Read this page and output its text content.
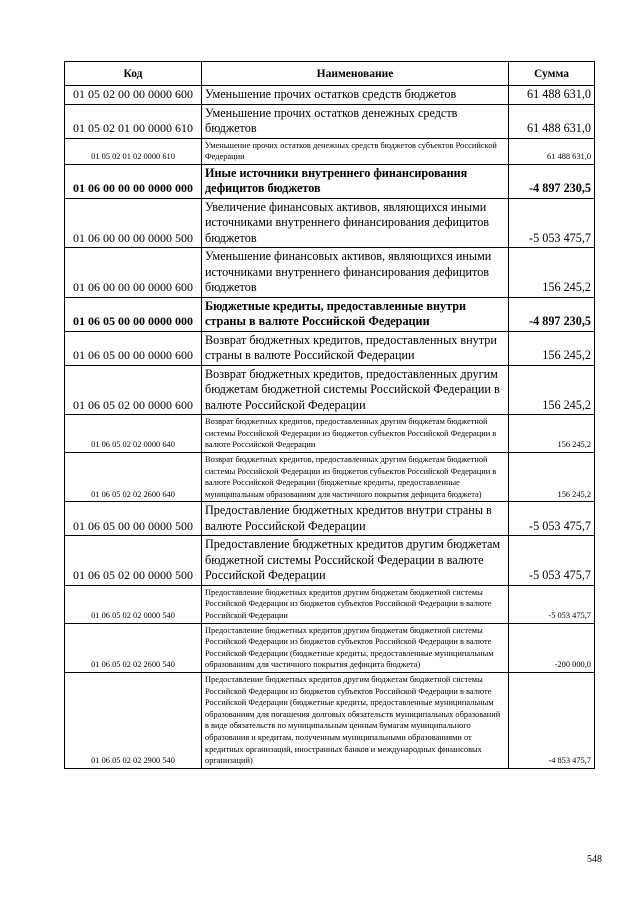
Код	Наименование	Сумма
01 05 02 00 00 0000 600	Уменьшение прочих остатков средств бюджетов	61 488 631,0
01 05 02 01 00 0000 610	Уменьшение прочих остатков денежных средств бюджетов	61 488 631,0
01 05 02 01 02 0000 610	Уменьшение прочих остатков денежных средств бюджетов субъектов Российской Федерации	61 488 631,0
01 06 00 00 00 0000 000	Иные источники внутреннего финансирования дефицитов бюджетов	-4 897 230,5
01 06 00 00 00 0000 500	Увеличение финансовых активов, являющихся иными источниками внутреннего финансирования дефицитов бюджетов	-5 053 475,7
01 06 00 00 00 0000 600	Уменьшение финансовых активов, являющихся иными источниками внутреннего финансирования дефицитов бюджетов	156 245,2
01 06 05 00 00 0000 000	Бюджетные кредиты, предоставленные внутри страны в валюте Российской Федерации	-4 897 230,5
01 06 05 00 00 0000 600	Возврат бюджетных кредитов, предоставленных внутри страны в валюте Российской Федерации	156 245,2
01 06 05 02 00 0000 600	Возврат бюджетных кредитов, предоставленных другим бюджетам бюджетной системы Российской Федерации в валюте Российской Федерации	156 245,2
01 06 05 02 02 0000 640	Возврат бюджетных кредитов, предоставленных другим бюджетам бюджетной системы Российской Федерации из бюджетов субъектов Российской Федерации в валюте Российской Федерации	156 245,2
01 06 05 02 02 2600 640	Возврат бюджетных кредитов, предоставленных другим бюджетам бюджетной системы Российской Федерации из бюджетов субъектов Российской Федерации в валюте Российской Федерации (бюджетные кредиты, предоставленные муниципальным образованиям для частичного покрытия дефицита бюджета)	156 245,2
01 06 05 00 00 0000 500	Предоставление бюджетных кредитов внутри страны в валюте Российской Федерации	-5 053 475,7
01 06 05 02 00 0000 500	Предоставление бюджетных кредитов другим бюджетам бюджетной системы Российской Федерации в валюте Российской Федерации	-5 053 475,7
01 06 05 02 02 0000 540	Предоставление бюджетных кредитов другим бюджетам бюджетной системы Российской Федерации из бюджетов субъектов Российской Федерации в валюте Российской Федерации	-5 053 475,7
01 06 05 02 02 2600 540	Предоставление бюджетных кредитов другим бюджетам бюджетной системы Российской Федерации из бюджетов субъектов Российской Федерации в валюте Российской Федерации (бюджетные кредиты, предоставленные муниципальным образованиям для частичного покрытия дефицита бюджета)	-200 000,0
01 06 05 02 02 2900 540	Предоставление бюджетных кредитов другим бюджетам бюджетной системы Российской Федерации из бюджетов субъектов Российской Федерации в валюте Российской Федерации (бюджетные кредиты, предоставленные муниципальным образованиям для погашения долговых обязательств муниципальных образований в виде обязательств по муниципальным ценным бумагам муниципального образования и кредитам, полученным муниципальными образованиями от кредитных организаций, иностранных банков и международных финансовых организаций)	-4 853 475,7
548
